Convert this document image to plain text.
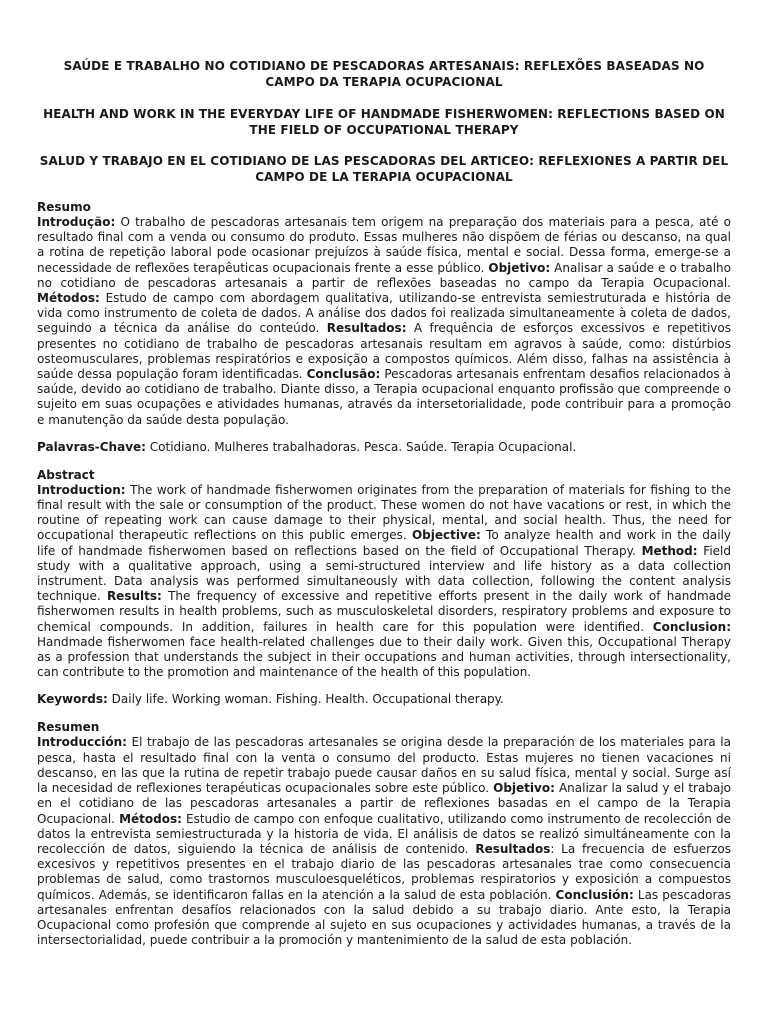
SAÚDE E TRABALHO NO COTIDIANO DE PESCADORAS ARTESANAIS: REFLEXÕES BASEADAS NO CAMPO DA TERAPIA OCUPACIONAL
HEALTH AND WORK IN THE EVERYDAY LIFE OF HANDMADE FISHERWOMEN: REFLECTIONS BASED ON THE FIELD OF OCCUPATIONAL THERAPY
SALUD Y TRABAJO EN EL COTIDIANO DE LAS PESCADORAS DEL ARTICEO: REFLEXIONES A PARTIR DEL CAMPO DE LA TERAPIA OCUPACIONAL
Resumo

Introdução: O trabalho de pescadoras artesanais tem origem na preparação dos materiais para a pesca, até o resultado final com a venda ou consumo do produto. Essas mulheres não dispõem de férias ou descanso, na qual a rotina de repetição laboral pode ocasionar prejuízos à saúde física, mental e social. Dessa forma, emerge-se a necessidade de reflexões terapêuticas ocupacionais frente a esse público. Objetivo: Analisar a saúde e o trabalho no cotidiano de pescadoras artesanais a partir de reflexões baseadas no campo da Terapia Ocupacional. Métodos: Estudo de campo com abordagem qualitativa, utilizando-se entrevista semiestruturada e história de vida como instrumento de coleta de dados. A análise dos dados foi realizada simultaneamente à coleta de dados, seguindo a técnica da análise do conteúdo. Resultados: A frequência de esforços excessivos e repetitivos presentes no cotidiano de trabalho de pescadoras artesanais resultam em agravos à saúde, como: distúrbios osteomusculares, problemas respiratórios e exposição a compostos químicos. Além disso, falhas na assistência à saúde dessa população foram identificadas. Conclusão: Pescadoras artesanais enfrentam desafios relacionados à saúde, devido ao cotidiano de trabalho. Diante disso, a Terapia ocupacional enquanto profissão que compreende o sujeito em suas ocupações e atividades humanas, através da intersetorialidade, pode contribuir para a promoção e manutenção da saúde desta população.

Palavras-Chave: Cotidiano. Mulheres trabalhadoras. Pesca. Saúde. Terapia Ocupacional.

Abstract

Introduction: The work of handmade fisherwomen originates from the preparation of materials for fishing to the final result with the sale or consumption of the product. These women do not have vacations or rest, in which the routine of repeating work can cause damage to their physical, mental, and social health. Thus, the need for occupational therapeutic reflections on this public emerges. Objective: To analyze health and work in the daily life of handmade fisherwomen based on reflections based on the field of Occupational Therapy. Method: Field study with a qualitative approach, using a semi-structured interview and life history as a data collection instrument. Data analysis was performed simultaneously with data collection, following the content analysis technique. Results: The frequency of excessive and repetitive efforts present in the daily work of handmade fisherwomen results in health problems, such as musculoskeletal disorders, respiratory problems and exposure to chemical compounds. In addition, failures in health care for this population were identified. Conclusion: Handmade fisherwomen face health-related challenges due to their daily work. Given this, Occupational Therapy as a profession that understands the subject in their occupations and human activities, through intersectionality, can contribute to the promotion and maintenance of the health of this population.

Keywords: Daily life. Working woman. Fishing. Health. Occupational therapy.

Resumen

Introducción: El trabajo de las pescadoras artesanales se origina desde la preparación de los materiales para la pesca, hasta el resultado final con la venta o consumo del producto. Estas mujeres no tienen vacaciones ni descanso, en las que la rutina de repetir trabajo puede causar daños en su salud física, mental y social. Surge así la necesidad de reflexiones terapéuticas ocupacionales sobre este público. Objetivo: Analizar la salud y el trabajo en el cotidiano de las pescadoras artesanales a partir de reflexiones basadas en el campo de la Terapia Ocupacional. Métodos: Estudio de campo con enfoque cualitativo, utilizando como instrumento de recolección de datos la entrevista semiestructurada y la historia de vida. El análisis de datos se realizó simultáneamente con la recolección de datos, siguiendo la técnica de análisis de contenido. Resultados: La frecuencia de esfuerzos excesivos y repetitivos presentes en el trabajo diario de las pescadoras artesanales trae como consecuencia problemas de salud, como trastornos musculoesqueléticos, problemas respiratorios y exposición a compuestos químicos. Además, se identificaron fallas en la atención a la salud de esta población. Conclusión: Las pescadoras artesanales enfrentan desafíos relacionados con la salud debido a su trabajo diario. Ante esto, la Terapia Ocupacional como profesión que comprende al sujeto en sus ocupaciones y actividades humanas, a través de la intersectorialidad, puede contribuir a la promoción y mantenimiento de la salud de esta población.
